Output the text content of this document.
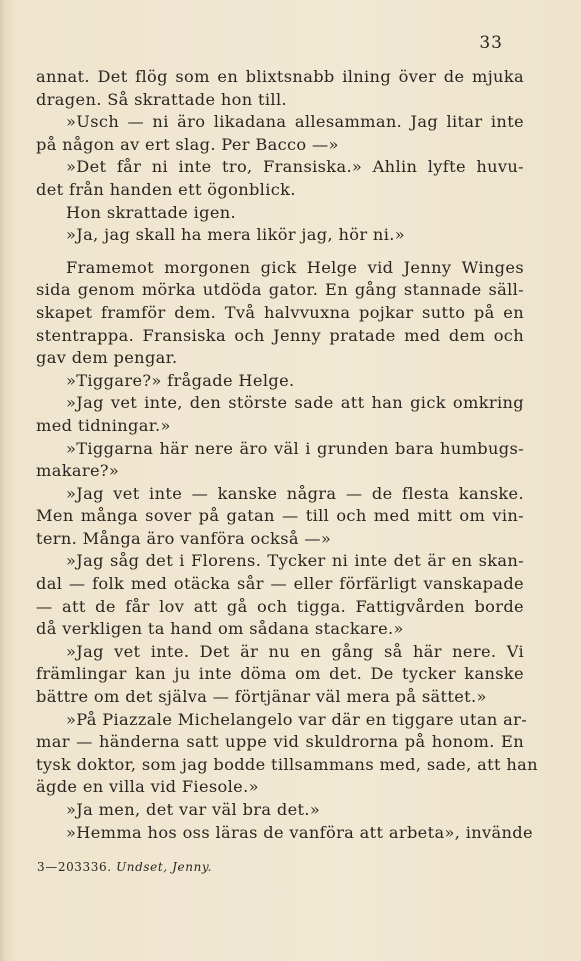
33
annat. Det flög som en blixtsnabb ilning över de mjuka
dragen. Så skrattade hon till.
»Usch — ni äro likadana allesamman. Jag litar inte
på någon av ert slag. Per Bacco —»
»Det får ni inte tro, Fransiska.» Ahlin lyfte huvu-
det från handen ett ögonblick.
Hon skrattade igen.
»Ja, jag skall ha mera likör jag, hör ni.»
Framemot morgonen gick Helge vid Jenny Winges
sida genom mörka utdöda gator. En gång stannade säll-
skapet framför dem. Två halvvuxna pojkar sutto på en
stentrappa. Fransiska och Jenny pratade med dem och
gav dem pengar.
»Tiggare?» frågade Helge.
»Jag vet inte, den störste sade att han gick omkring
med tidningar.»
»Tiggarna här nere äro väl i grunden bara humbugs-
makare?»
»Jag vet inte — kanske några — de flesta kanske.
Men många sover på gatan — till och med mitt om vin-
tern. Många äro vanföra också —»
»Jag såg det i Florens. Tycker ni inte det är en skan-
dal — folk med otäcka sår — eller förfärligt vanskapade
— att de får lov att gå och tigga. Fattigvården borde
då verkligen ta hand om sådana stackare.»
»Jag vet inte. Det är nu en gång så här nere. Vi
främlingar kan ju inte döma om det. De tycker kanske
bättre om det själva — förtjänar väl mera på sättet.»
»På Piazzale Michelangelo var där en tiggare utan ar-
mar — händerna satt uppe vid skuldrorna på honom. En
tysk doktor, som jag bodde tillsammans med, sade, att han
ägde en villa vid Fiesole.»
»Ja men, det var väl bra det.»
»Hemma hos oss läras de vanföra att arbeta», invände
3—203336. Undset, Jenny.
